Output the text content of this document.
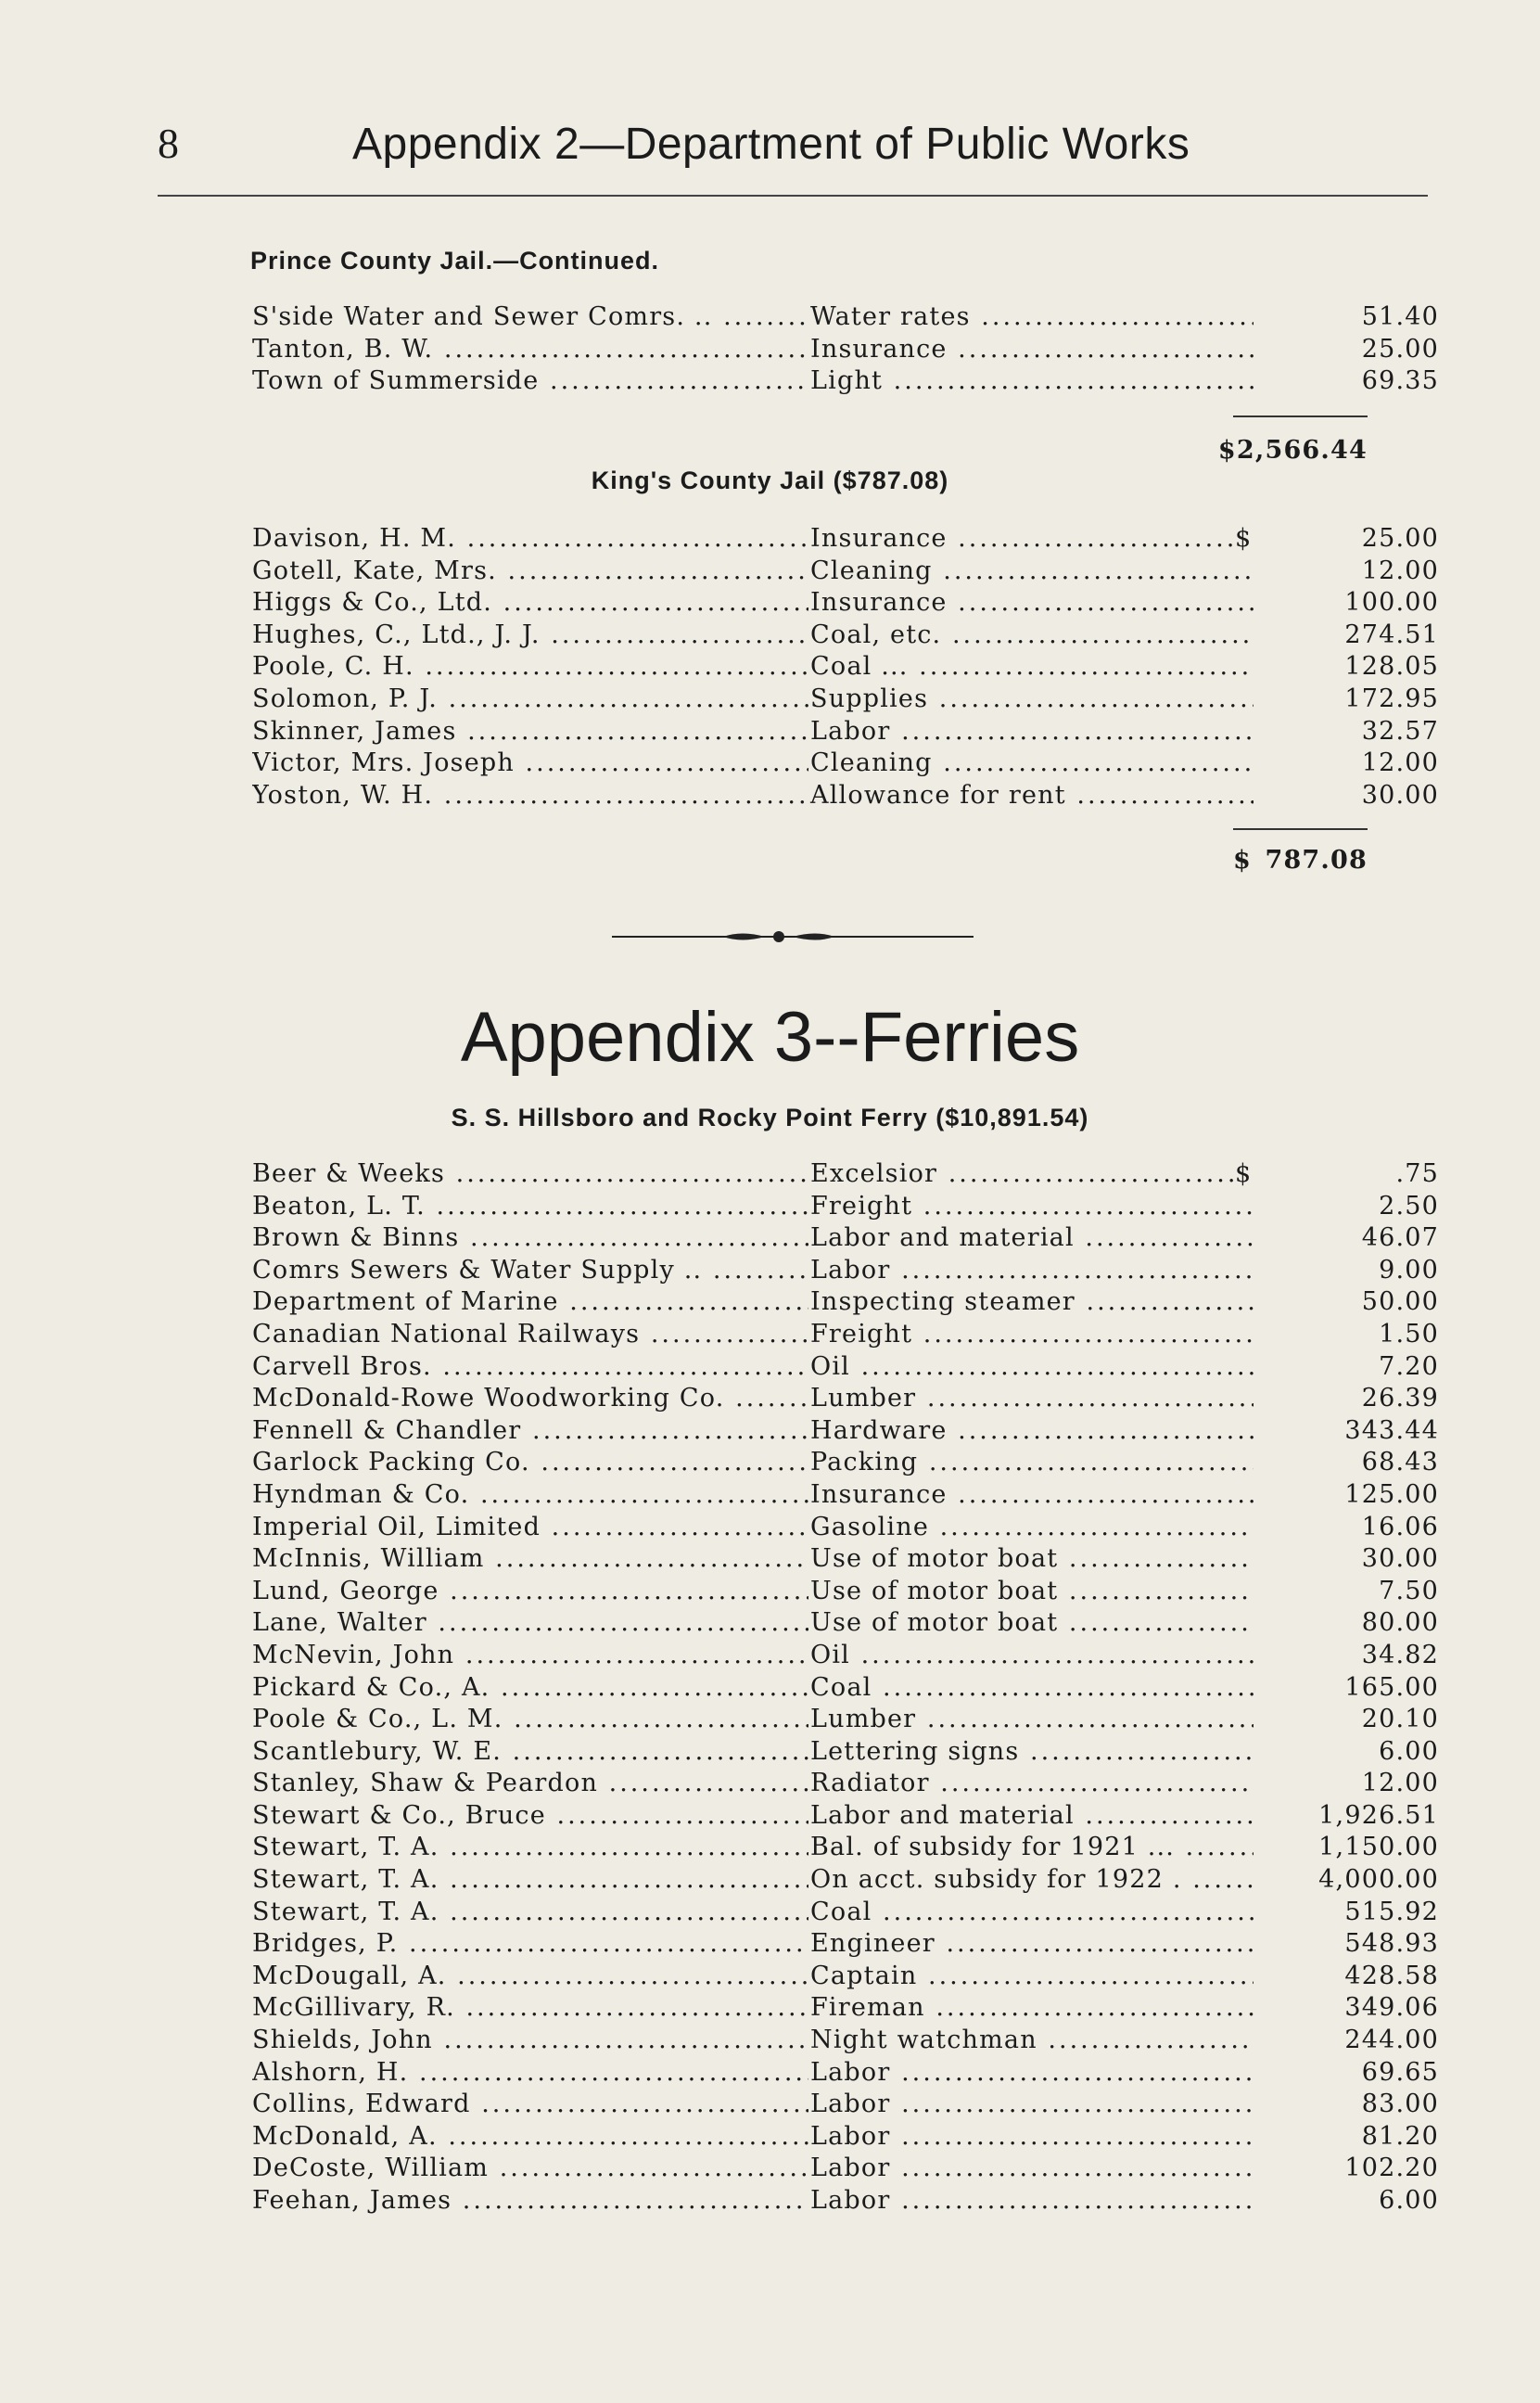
8	Appendix 2—Department of Public Works
Prince County Jail.—Continued.
S'side Water and Sewer Comrs. .. .....	Water rates .....	51.40
Tanton, B. W. .....	Insurance .....	25.00
Town of Summerside .....	Light .....	69.35
$2,566.44
King's County Jail ($787.08)
Davison, H. M. .....	Insurance .....	$	25.00
Gotell, Kate, Mrs. .....	Cleaning .....	12.00
Higgs & Co., Ltd. .....	Insurance .....	100.00
Hughes, C., Ltd., J. J. .....	Coal, etc. .....	274.51
Poole, C. H. .....	Coal ... .....	128.05
Solomon, P. J. .....	Supplies .....	172.95
Skinner, James .....	Labor .....	32.57
Victor, Mrs. Joseph .....	Cleaning .....	12.00
Yoston, W. H. .....	Allowance for rent .....	30.00
$ 787.08
Appendix 3--Ferries
S. S. Hillsboro and Rocky Point Ferry ($10,891.54)
Beer & Weeks .....	Excelsior .....	$	.75
Beaton, L. T. .....	Freight .....	2.50
Brown & Binns .....	Labor and material .....	46.07
Comrs Sewers & Water Supply .. .....	Labor .....	9.00
Department of Marine .....	Inspecting steamer .....	50.00
Canadian National Railways .....	Freight .....	1.50
Carvell Bros. .....	Oil .....	7.20
McDonald-Rowe Woodworking Co. .....	Lumber .....	26.39
Fennell & Chandler .....	Hardware .....	343.44
Garlock Packing Co. .....	Packing .....	68.43
Hyndman & Co. .....	Insurance .....	125.00
Imperial Oil, Limited .....	Gasoline .....	16.06
McInnis, William .....	Use of motor boat .....	30.00
Lund, George .....	Use of motor boat .....	7.50
Lane, Walter .....	Use of motor boat .....	80.00
McNevin, John .....	Oil .....	34.82
Pickard & Co., A. .....	Coal .....	165.00
Poole & Co., L. M. .....	Lumber .....	20.10
Scantlebury, W. E. .....	Lettering signs .....	6.00
Stanley, Shaw & Peardon .....	Radiator .....	12.00
Stewart & Co., Bruce .....	Labor and material .....	1,926.51
Stewart, T. A. .....	Bal. of subsidy for 1921 ... .....	1,150.00
Stewart, T. A. .....	On acct. subsidy for 1922 . .....	4,000.00
Stewart, T. A. .....	Coal .....	515.92
Bridges, P. .....	Engineer .....	548.93
McDougall, A. .....	Captain .....	428.58
McGillivary, R. .....	Fireman .....	349.06
Shields, John .....	Night watchman .....	244.00
Alshorn, H. .....	Labor .....	69.65
Collins, Edward .....	Labor .....	83.00
McDonald, A. .....	Labor .....	81.20
DeCoste, William .....	Labor .....	102.20
Feehan, James .....	Labor .....	6.00
